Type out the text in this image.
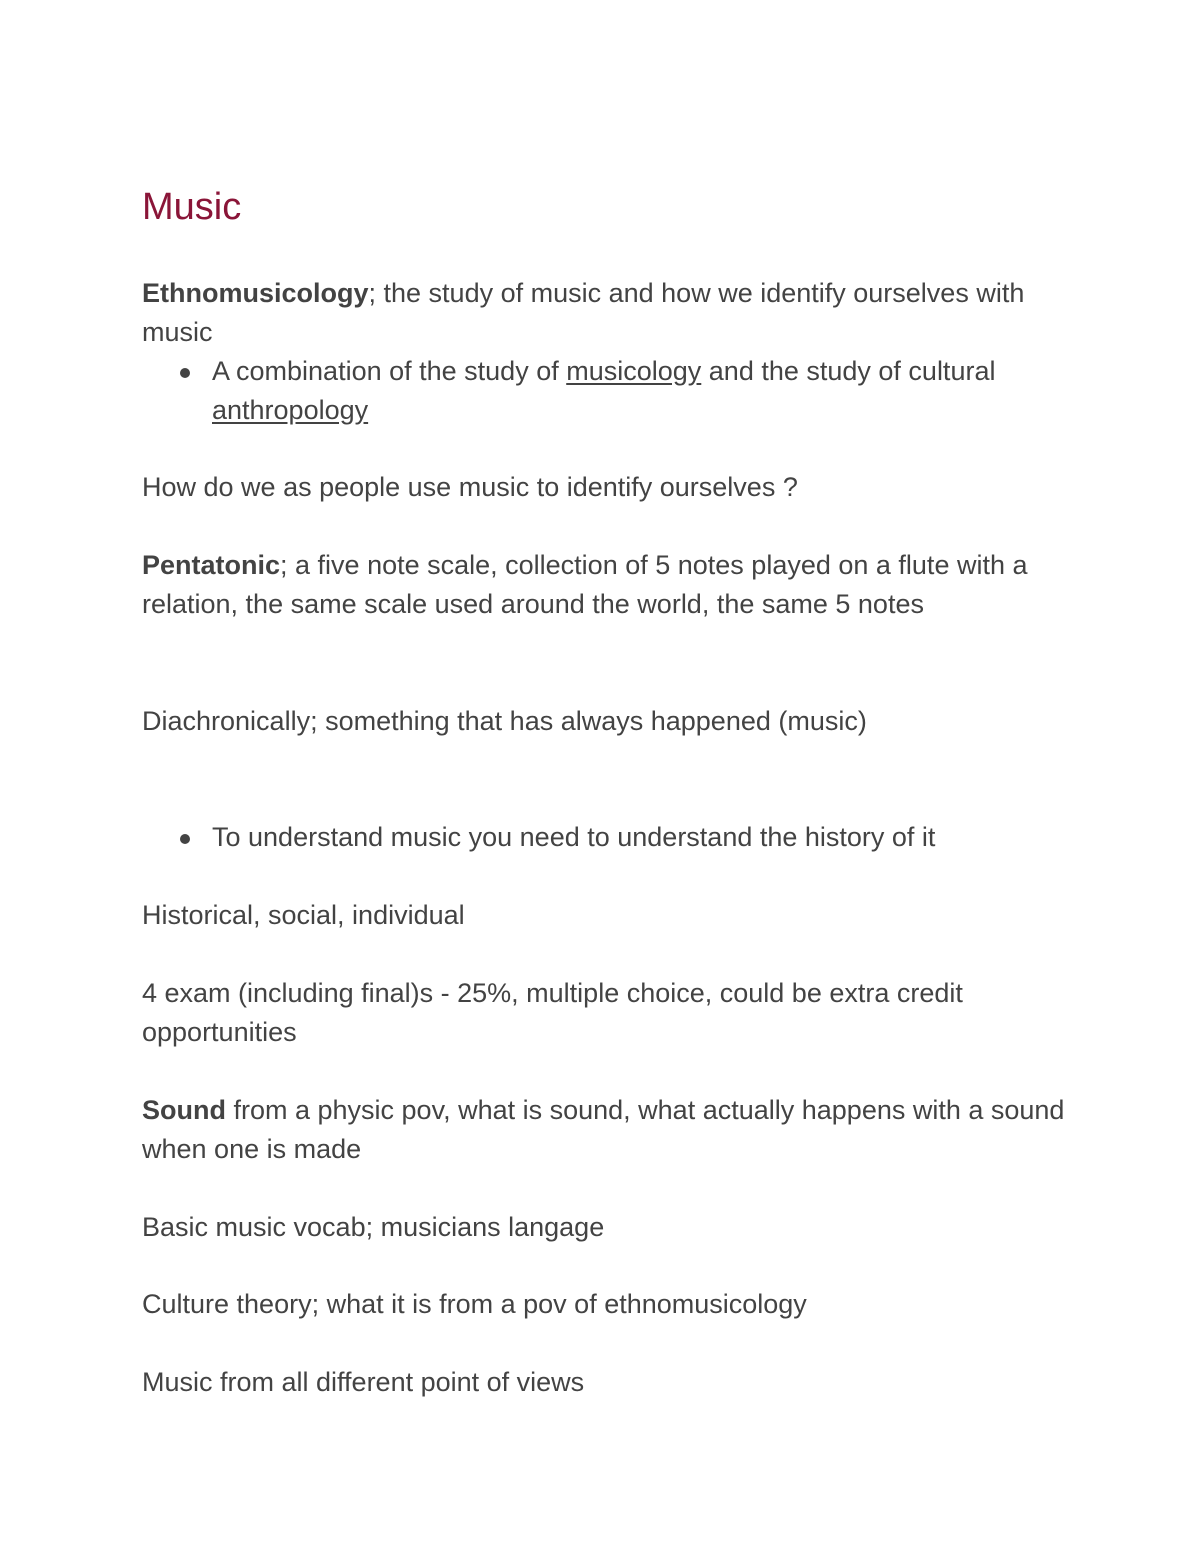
Music

Ethnomusicology; the study of music and how we identify ourselves with music

A combination of the study of musicology and the study of cultural anthropology

How do we as people use music to identify ourselves ?

Pentatonic; a five note scale, collection of 5 notes played on a flute with a relation, the same scale used around the world, the same 5 notes

Diachronically; something that has always happened (music)

To understand music you need to understand the history of it

Historical, social, individual

4 exam (including final)s - 25%, multiple choice, could be extra credit opportunities

Sound from a physic pov, what is sound, what actually happens with a sound when one is made

Basic music vocab; musicians langage

Culture theory; what it is from a pov of ethnomusicology

Music from all different point of views
